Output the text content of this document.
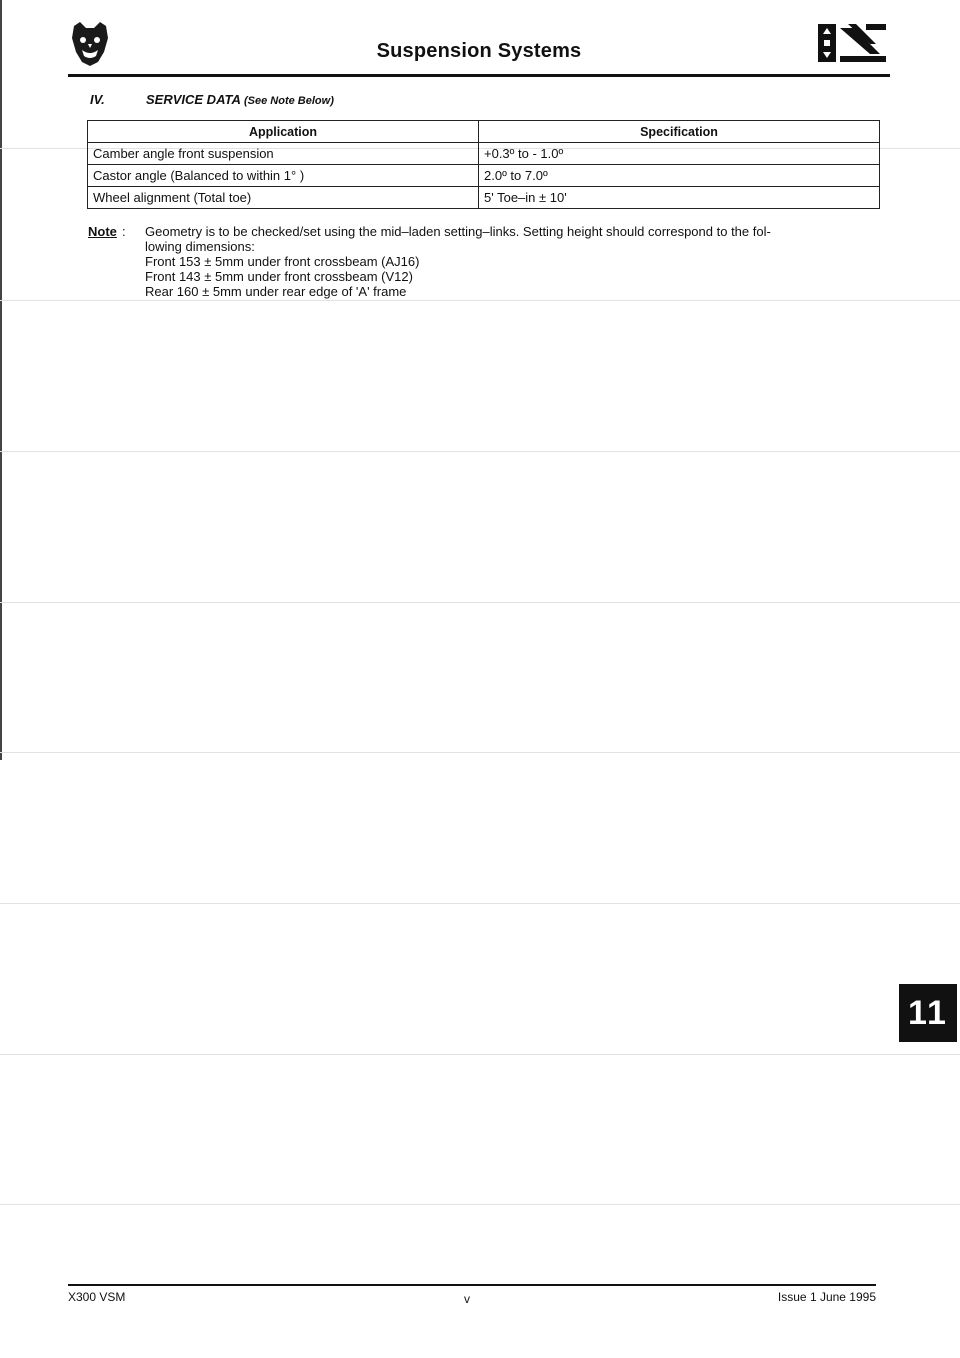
Suspension Systems
IV.	SERVICE DATA (See Note Below)
Application	Specification
Camber angle front suspension	+0.3º to - 1.0º
Castor angle (Balanced to within 1° )	2.0º to 7.0º
Wheel alignment (Total toe)	5' Toe–in ± 10'
Note : Geometry is to be checked/set using the mid–laden setting–links. Setting height should correspond to the fol-
lowing dimensions:
Front 153 ± 5mm under front crossbeam (AJ16)
Front 143 ± 5mm under front crossbeam (V12)
Rear 160 ± 5mm under rear edge of 'A' frame
11
X300 VSM	v	Issue 1 June 1995
